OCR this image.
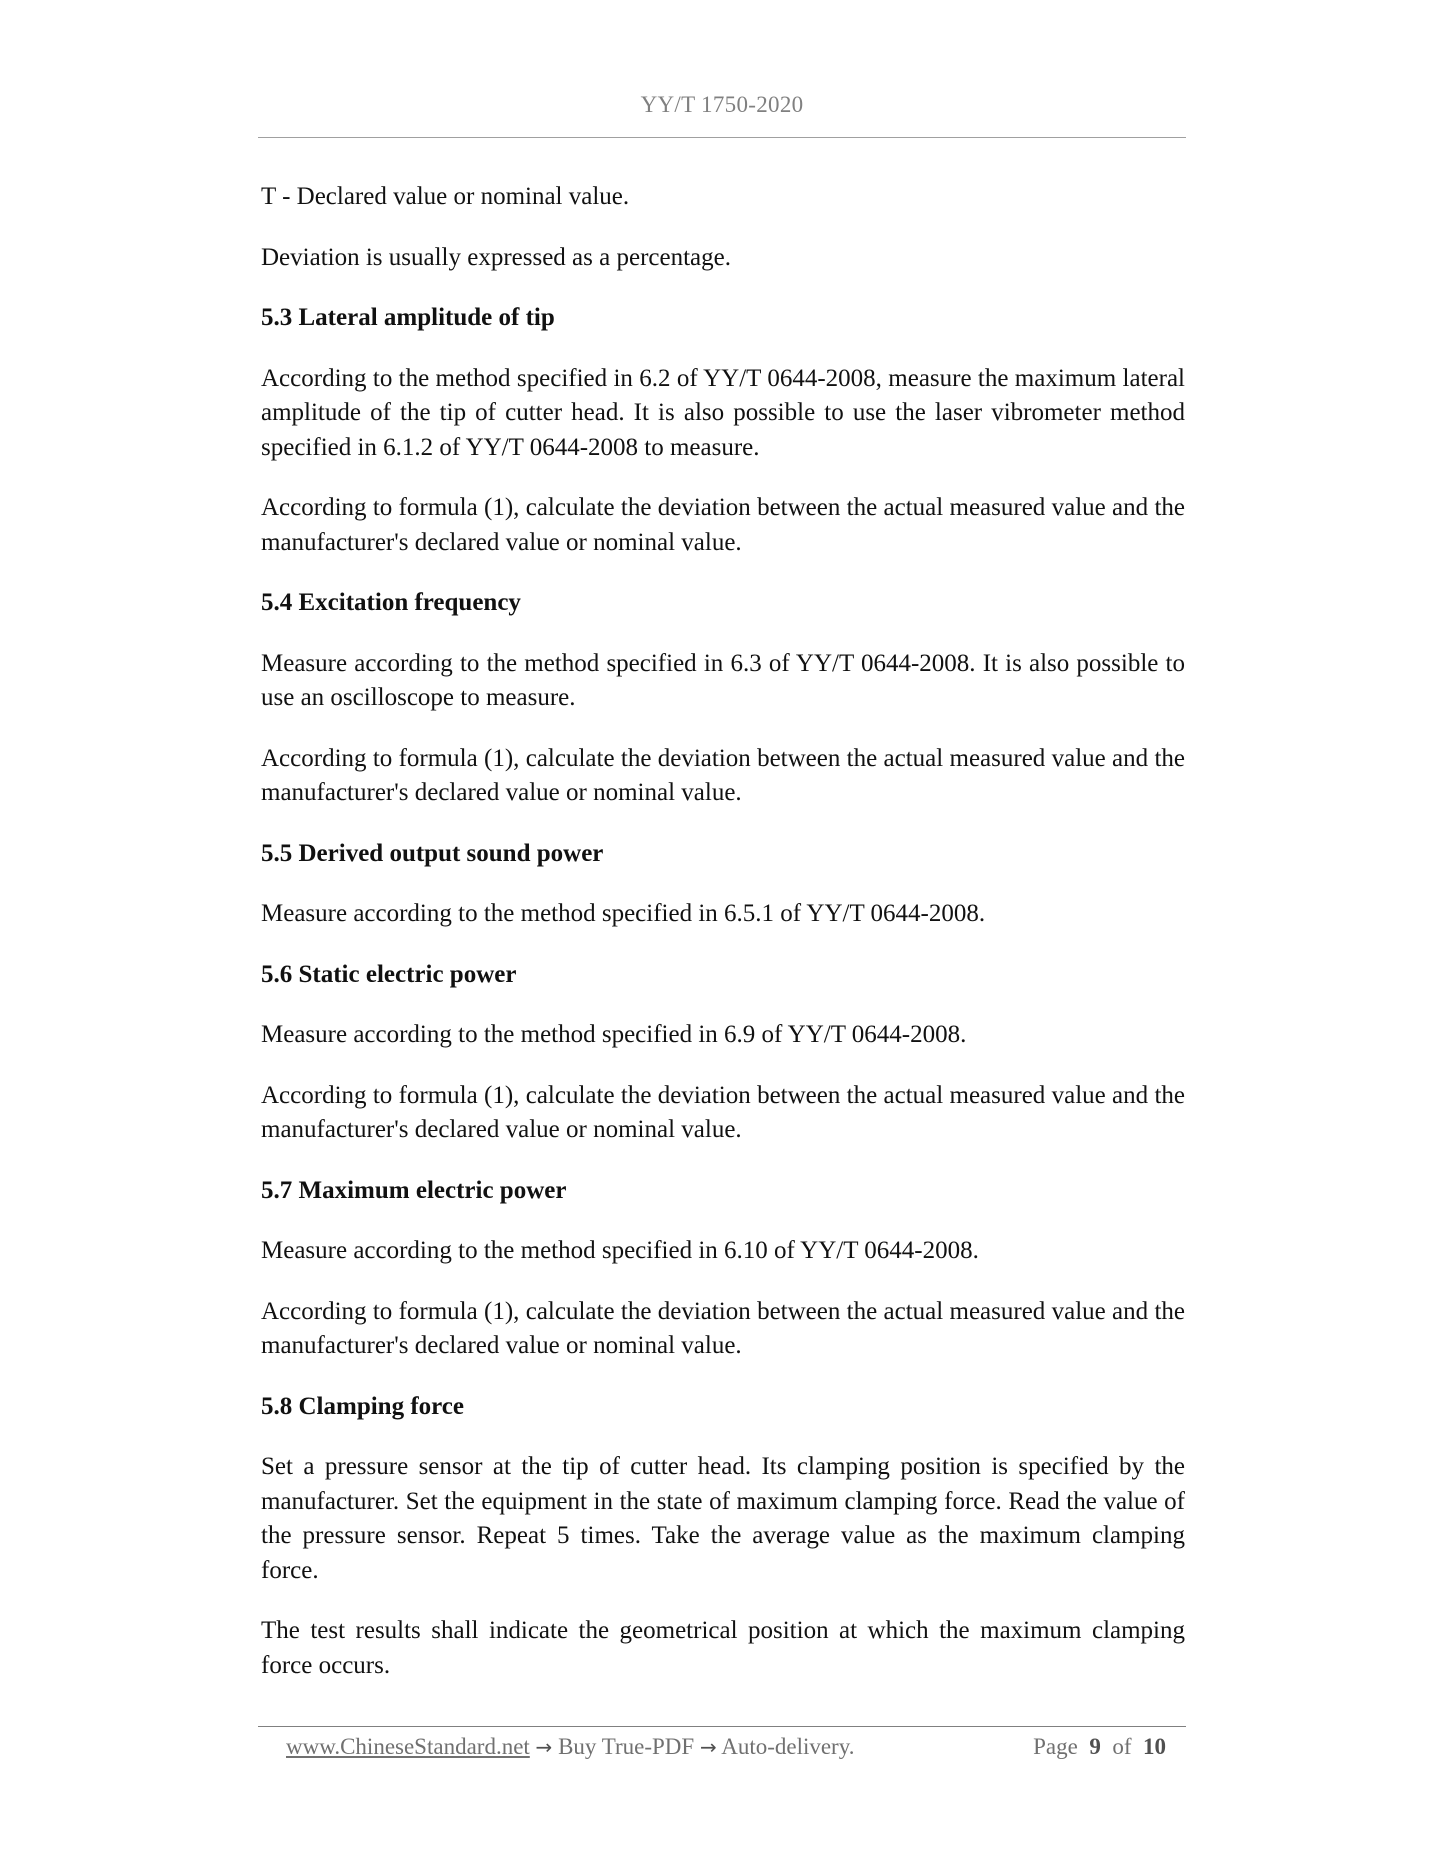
YY/T 1750-2020

T - Declared value or nominal value.

Deviation is usually expressed as a percentage.

5.3 Lateral amplitude of tip

According to the method specified in 6.2 of YY/T 0644-2008, measure the maximum lateral amplitude of the tip of cutter head. It is also possible to use the laser vibrometer method specified in 6.1.2 of YY/T 0644-2008 to measure.

According to formula (1), calculate the deviation between the actual measured value and the manufacturer's declared value or nominal value.

5.4 Excitation frequency

Measure according to the method specified in 6.3 of YY/T 0644-2008. It is also possible to use an oscilloscope to measure.

According to formula (1), calculate the deviation between the actual measured value and the manufacturer's declared value or nominal value.

5.5 Derived output sound power

Measure according to the method specified in 6.5.1 of YY/T 0644-2008.

5.6 Static electric power

Measure according to the method specified in 6.9 of YY/T 0644-2008.

According to formula (1), calculate the deviation between the actual measured value and the manufacturer's declared value or nominal value.

5.7 Maximum electric power

Measure according to the method specified in 6.10 of YY/T 0644-2008.

According to formula (1), calculate the deviation between the actual measured value and the manufacturer's declared value or nominal value.

5.8 Clamping force

Set a pressure sensor at the tip of cutter head. Its clamping position is specified by the manufacturer. Set the equipment in the state of maximum clamping force. Read the value of the pressure sensor. Repeat 5 times. Take the average value as the maximum clamping force.

The test results shall indicate the geometrical position at which the maximum clamping force occurs.

www.ChineseStandard.net → Buy True-PDF → Auto-delivery.	Page 9 of 10
